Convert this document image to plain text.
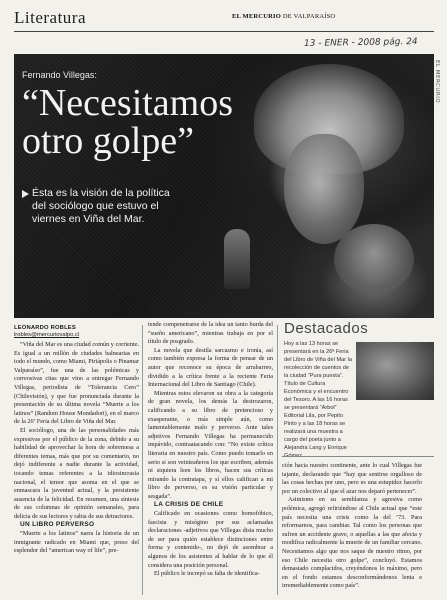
Literatura	EL MERCURIO DE VALPARAÍSO
13 - ENER - 2008 pág. 24
Fernando Villegas:
“Necesitamos
otro golpe”
Ésta es la visión de la política del sociólogo que estuvo el viernes en Viña del Mar.
EL MERCURIO
LEONARDO ROBLES
lrobles@mercuriovalpo.cl

“Viña del Mar es una ciudad común y corriente. Es igual a un millón de ciudades balnearias en todo el mundo, como Miami, Piriápolis o Pinamar Valparaíso”, fue una de las polémicas y correosivas citas que vino a entregar Fernando Villegas, periodista de “Tolerancia Cero” (Chilevisión), y que fue pronunciada durante la presentación de su última novela “Muerte a los latinos” (Random House Mondadori), en el marco de la 26ª Feria del Libro de Viña del Mar.

El sociólogo, una de las personalidades más expresivas por el público de la zona, debido a su habilidad de aprovechar la hora de sobremesa a diferentes temas, más que por su comentario, no dejó indiferente a nadie durante la actividad, tocando temas referentes a la idiosincrasia nacional, el temor que asoma en el que se enmascara la juventud actual, y la persistente ausencia de la felicidad. En resumen, una síntesis de sus columnas de opinión semanales, para delicia de sus lectores y rabia de sus detractores.

UN LIBRO PERVERSO

“Muerte a los latinos” narra la historia de un inmigrante radicado en Miami que, preso del esplendor del “american way of life”, pre-

tende compenetrarse de la idea un tanto burda del “sueño americano”, mientras trabaja en por el título de posgrado.

La novela que destila sarcasmo e ironía, así como también expresa la forma de pensar de un autor que reconoce su época de arrabarreo, dividido a la crítica frente a la reciente Feria Internacional del Libro de Santiago (Chile).

Mientras estos elevaron su obra a la categoría de gran novela, los demás la destrozaron, calificando a su libro de pretencioso y exasperante, o más simple aún, como lamentablemente malo y perverso. Ante tales adjetivos Fernando Villegas ha permanecido impávido, contraatacando con: “No existe crítica literaria en nuestro país. Como puedo tomarlo en serio si son veinteañeros los que escriben, además ni siquiera leen los libros, hacen sus críticas mirando la contratapa, y sí ellos califican a mi libro de perverso, es su visión particular y sesgada”.

LA CRISIS DE CHILE

Calificado en ocasiones como homofóbico, fascista y misógino por sus aclamadas declaraciones -adjetivos que Villegas dista mucho de ser para quién establece distinciones entre forma y contenido-, no dejó de asombrar a algunos de los asistentes al hablar de lo que él considera una posición personal.

El público le increpó su falta de identifica-

Destacados
Hoy a las 13 horas se presentará en la 26ª Feria del Libro de Viña del Mar la recolección de cuentos de la ciudad “Pura puesta”. Título de Cultura Económica y el encuentro del Tesoro. A las 16 horas se presentará “Arbol” Editorial Lila, por Pepito Pinto y a las 18 horas se realizará una muestra a cargo del poeta junto a Alejandra Lang y Enrique

ción hacia nuestro continente, ante lo cual Villegas fue tajante, declarando que “hay que sentirse orgulloso de las cosas hechas por uno, pero es una estupidez hacerlo por un colectivo al que el azar nos deparó pertenecer”.

Asimismo en su semblanza y agresiva como polémica, agregó refiriéndose al Chile actual que “este país necesita una crisis como la del ’73. Para reformarnos, para cambiar. Tal como los personas que sufren un accidente grave, o aquellas a las que afecta y modifica radicalmente la muerte de un familiar cercano. Necesitamos algo que nos saque de nuestro ritmo, por eso Chile necesita otro golpe”, concluyó. Estamos demasiado complacidos, creyéndonos lo máximo, pero en el fondo estamos desconformándonos lenta e irremediablemente como país”.
